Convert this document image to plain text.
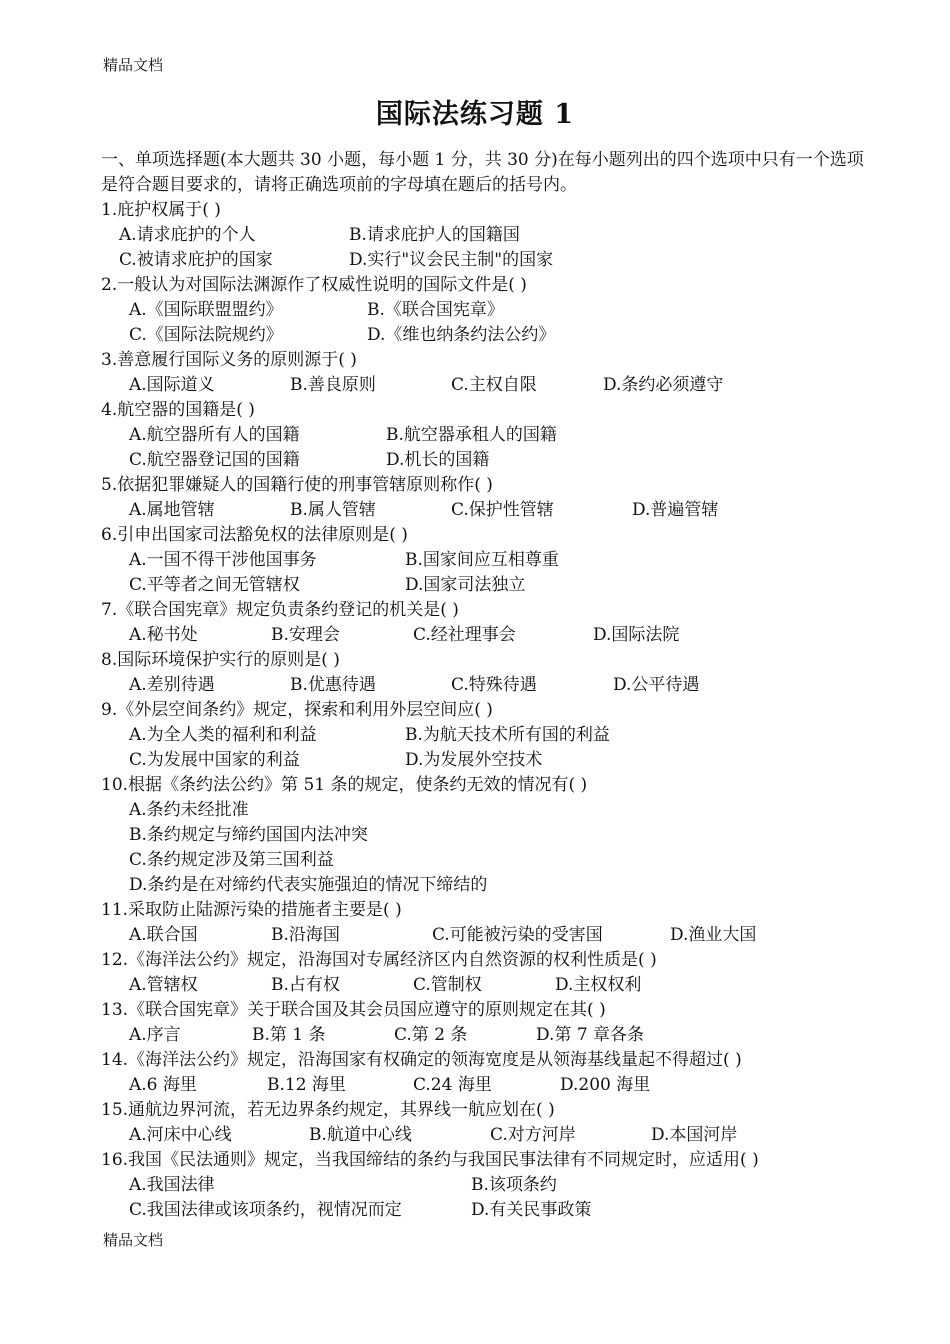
精品文档
国际法练习题 1

一、单项选择题(本大题共 30 小题，每小题 1 分，共 30 分)在每小题列出的四个选项中只有一个选项是符合题目要求的，请将正确选项前的字母填在题后的括号内。

1.庇护权属于( )
A.请求庇护的个人	B.请求庇护人的国籍国
C.被请求庇护的国家	D.实行"议会民主制"的国家
2.一般认为对国际法渊源作了权威性说明的国际文件是( )
A.《国际联盟盟约》	B.《联合国宪章》
C.《国际法院规约》	D.《维也纳条约法公约》
3.善意履行国际义务的原则源于( )
A.国际道义	B.善良原则	C.主权自限	D.条约必须遵守
4.航空器的国籍是( )
A.航空器所有人的国籍	B.航空器承租人的国籍
C.航空器登记国的国籍	D.机长的国籍
5.依据犯罪嫌疑人的国籍行使的刑事管辖原则称作( )
A.属地管辖	B.属人管辖	C.保护性管辖	D.普遍管辖
6.引申出国家司法豁免权的法律原则是( )
A.一国不得干涉他国事务	B.国家间应互相尊重
C.平等者之间无管辖权	D.国家司法独立
7.《联合国宪章》规定负责条约登记的机关是( )
A.秘书处	B.安理会	C.经社理事会	D.国际法院
8.国际环境保护实行的原则是( )
A.差别待遇	B.优惠待遇	C.特殊待遇	D.公平待遇
9.《外层空间条约》规定，探索和利用外层空间应( )
A.为全人类的福利和利益	B.为航天技术所有国的利益
C.为发展中国家的利益	D.为发展外空技术
10.根据《条约法公约》第 51 条的规定，使条约无效的情况有( )
A.条约未经批准
B.条约规定与缔约国国内法冲突
C.条约规定涉及第三国利益
D.条约是在对缔约代表实施强迫的情况下缔结的
11.采取防止陆源污染的措施者主要是( )
A.联合国	B.沿海国	C.可能被污染的受害国	D.渔业大国
12.《海洋法公约》规定，沿海国对专属经济区内自然资源的权利性质是( )
A.管辖权	B.占有权	C.管制权	D.主权权利
13.《联合国宪章》关于联合国及其会员国应遵守的原则规定在其( )
A.序言	B.第 1 条	C.第 2 条	D.第 7 章各条
14.《海洋法公约》规定，沿海国家有权确定的领海宽度是从领海基线量起不得超过( )
A.6 海里	B.12 海里	C.24 海里	D.200 海里
15.通航边界河流，若无边界条约规定，其界线一航应划在( )
A.河床中心线	B.航道中心线	C.对方河岸	D.本国河岸
16.我国《民法通则》规定，当我国缔结的条约与我国民事法律有不同规定时，应适用( )
A.我国法律	B.该项条约
C.我国法律或该项条约，视情况而定	D.有关民事政策
精品文档
